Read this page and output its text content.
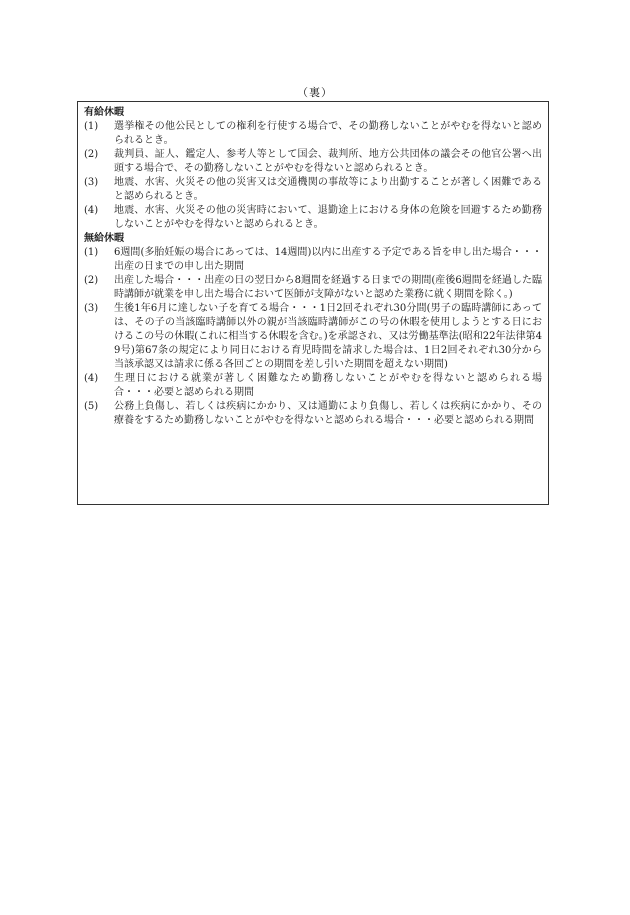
（裏）
有給休暇
(1)	選挙権その他公民としての権利を行使する場合で、その勤務しないことがやむを得ないと認められるとき。
(2)	裁判員、証人、鑑定人、参考人等として国会、裁判所、地方公共団体の議会その他官公署へ出頭する場合で、その勤務しないことがやむを得ないと認められるとき。
(3)	地震、水害、火災その他の災害又は交通機関の事故等により出勤することが著しく困難であると認められるとき。
(4)	地震、水害、火災その他の災害時において、退勤途上における身体の危険を回避するため勤務しないことがやむを得ないと認められるとき。
無給休暇
(1)	6週間(多胎妊娠の場合にあっては、14週間)以内に出産する予定である旨を申し出た場合・・・出産の日までの申し出た期間
(2)	出産した場合・・・出産の日の翌日から8週間を経過する日までの期間(産後6週間を経過した臨時講師が就業を申し出た場合において医師が支障がないと認めた業務に就く期間を除く。)
(3)	生後1年6月に達しない子を育てる場合・・・1日2回それぞれ30分間(男子の臨時講師にあっては、その子の当該臨時講師以外の親が当該臨時講師がこの号の休暇を使用しようとする日におけるこの号の休暇(これに相当する休暇を含む。)を承認され、又は労働基準法(昭和22年法律第49号)第67条の規定により同日における育児時間を請求した場合は、1日2回それぞれ30分から当該承認又は請求に係る各回ごとの期間を差し引いた期間を超えない期間)
(4)	生理日における就業が著しく困難なため勤務しないことがやむを得ないと認められる場合・・・必要と認められる期間
(5)	公務上負傷し、若しくは疾病にかかり、又は通勤により負傷し、若しくは疾病にかかり、その療養をするため勤務しないことがやむを得ないと認められる場合・・・必要と認められる期間
